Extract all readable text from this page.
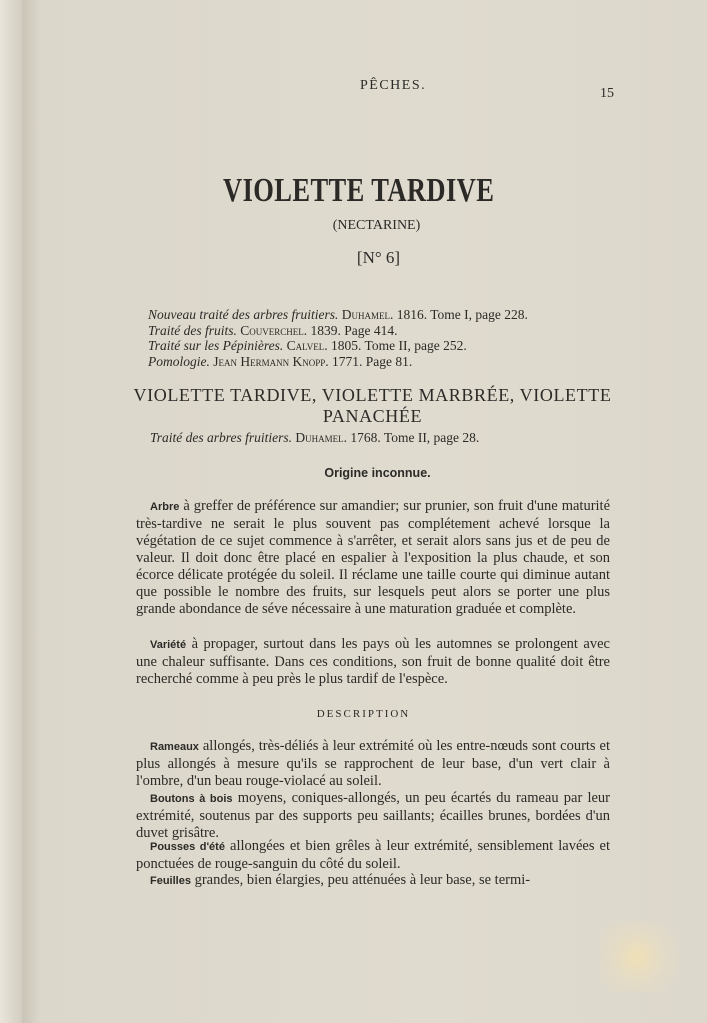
PÊCHES.
15
VIOLETTE TARDIVE
(NECTARINE)
[N° 6]
Nouveau traité des arbres fruitiers. Duhamel. 1816. Tome I, page 228.
Traité des fruits. Couverchel. 1839. Page 414.
Traité sur les Pépinières. Calvel. 1805. Tome II, page 252.
Pomologie. Jean Hermann Knopp. 1771. Page 81.
VIOLETTE TARDIVE, VIOLETTE MARBRÉE, VIOLETTE
PANACHÉE
Traité des arbres fruitiers. Duhamel. 1768. Tome II, page 28.
Origine inconnue.
Arbre à greffer de préférence sur amandier; sur prunier, son fruit d'une maturité très-tardive ne serait le plus souvent pas complétement achevé lorsque la végétation de ce sujet commence à s'arrêter, et serait alors sans jus et de peu de valeur. Il doit donc être placé en espalier à l'exposition la plus chaude, et son écorce délicate protégée du soleil. Il réclame une taille courte qui diminue autant que possible le nombre des fruits, sur lesquels peut alors se porter une plus grande abondance de séve nécessaire à une maturation graduée et complète.
Variété à propager, surtout dans les pays où les automnes se prolongent avec une chaleur suffisante. Dans ces conditions, son fruit de bonne qualité doit être recherché comme à peu près le plus tardif de l'espèce.
DESCRIPTION
Rameaux allongés, très-déliés à leur extrémité où les entre-nœuds sont courts et plus allongés à mesure qu'ils se rapprochent de leur base, d'un vert clair à l'ombre, d'un beau rouge-violacé au soleil.
Boutons à bois moyens, coniques-allongés, un peu écartés du rameau par leur extrémité, soutenus par des supports peu saillants; écailles brunes, bordées d'un duvet grisâtre.
Pousses d'été allongées et bien grêles à leur extrémité, sensiblement lavées et ponctuées de rouge-sanguin du côté du soleil.
Feuilles grandes, bien élargies, peu atténuées à leur base, se termi-
